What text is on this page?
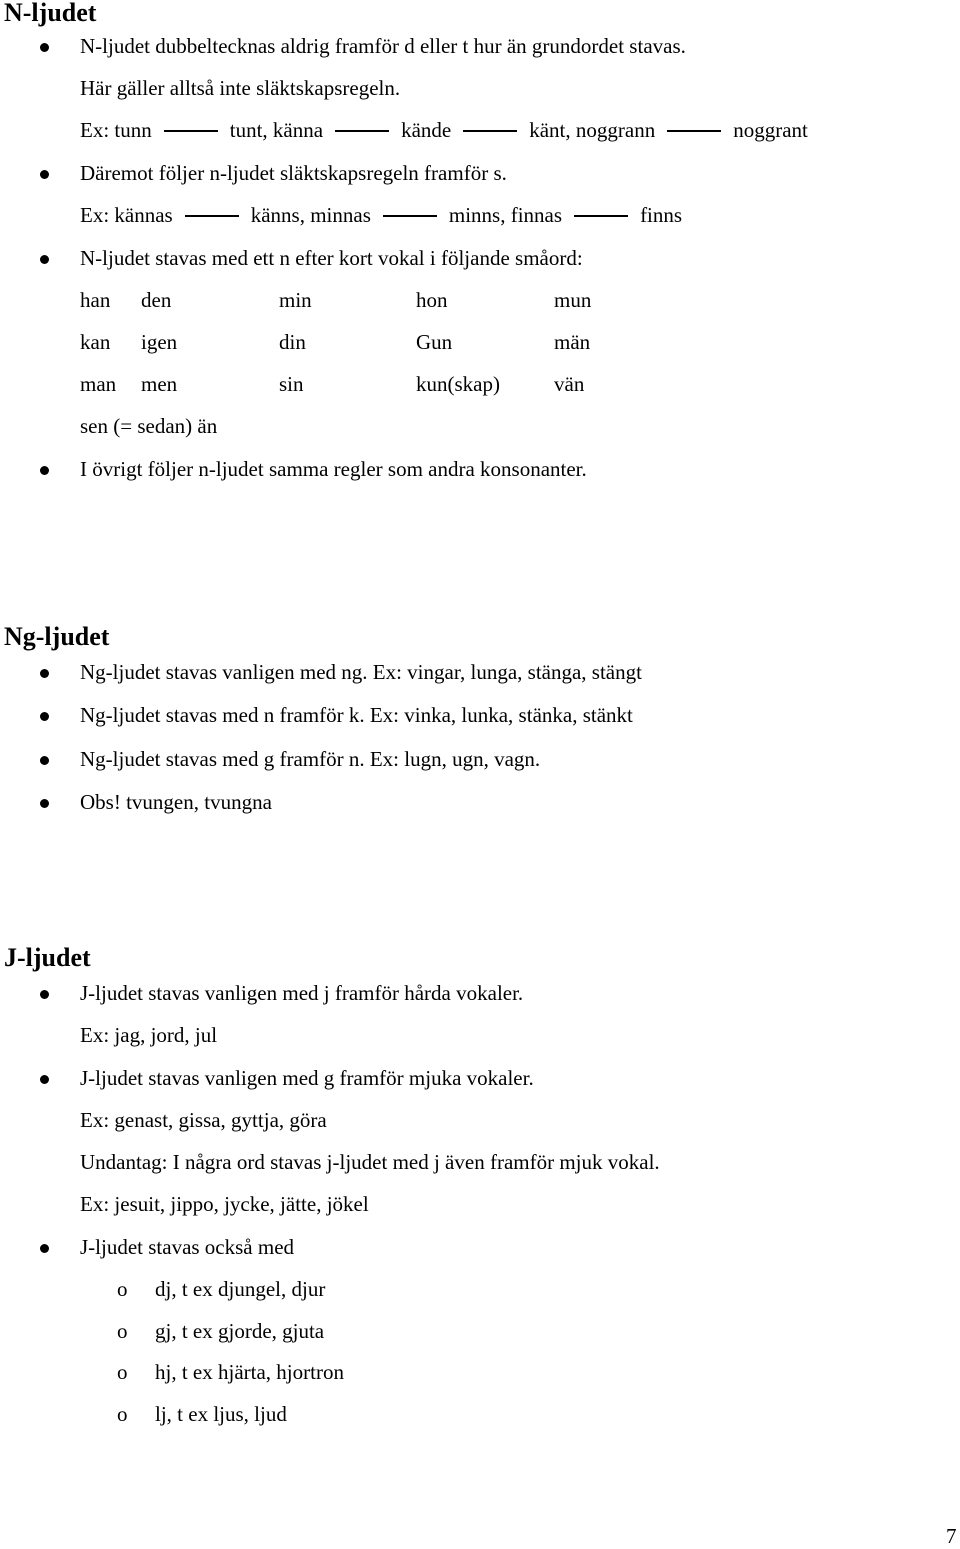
N-ljudet
N-ljudet dubbeltecknas aldrig framför d eller t hur än grundordet stavas.
Här gäller alltså inte släktskapsregeln.
Ex: tunn	tunt, känna	kände	känt, noggrann	noggrant
Däremot följer n-ljudet släktskapsregeln framför s.
Ex: kännas	känns, minnas	minns, finnas	finns
N-ljudet stavas med ett n efter kort vokal i följande småord:
han den	min	hon	mun
kan igen	din	Gun	män
man men	sin	kun(skap)	vän
sen (= sedan) än
I övrigt följer n-ljudet samma regler som andra konsonanter.
Ng-ljudet
Ng-ljudet stavas vanligen med ng. Ex: vingar, lunga, stänga, stängt
Ng-ljudet stavas med n framför k. Ex: vinka, lunka, stänka, stänkt
Ng-ljudet stavas med g framför n. Ex: lugn, ugn, vagn.
Obs! tvungen, tvungna
J-ljudet
J-ljudet stavas vanligen med j framför hårda vokaler.
Ex: jag, jord, jul
J-ljudet stavas vanligen med g framför mjuka vokaler.
Ex: genast, gissa, gyttja, göra
Undantag: I några ord stavas j-ljudet med j även framför mjuk vokal.
Ex: jesuit, jippo, jycke, jätte, jökel
J-ljudet stavas också med
o dj, t ex djungel, djur
o gj, t ex gjorde, gjuta
o hj, t ex hjärta, hjortron
o lj, t ex ljus, ljud
7
